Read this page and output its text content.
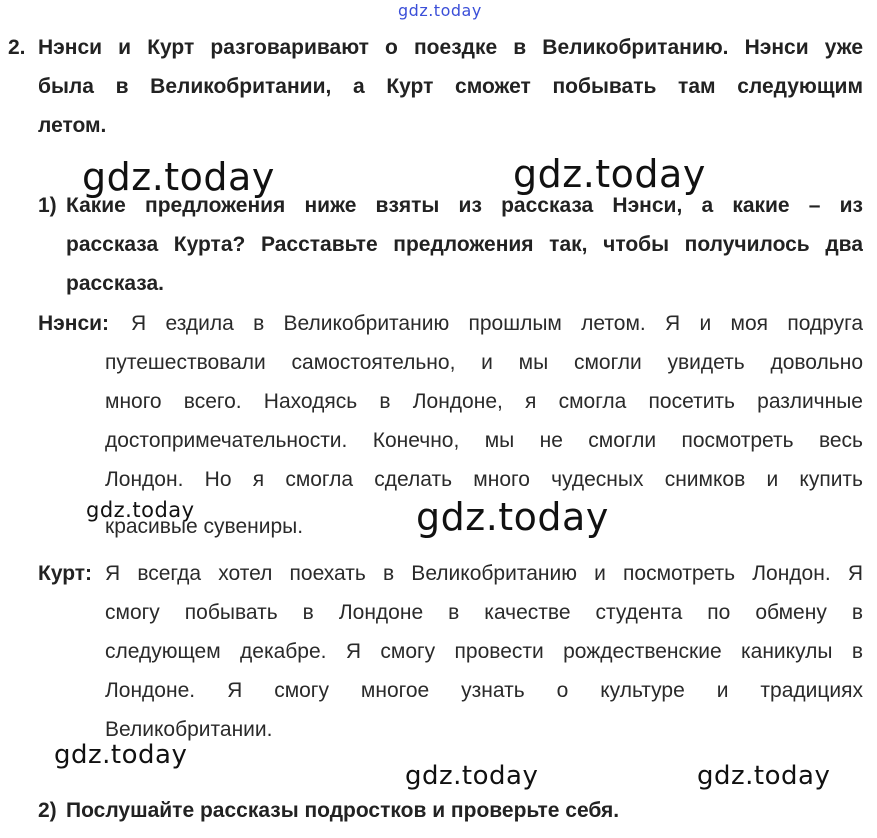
gdz.today
gdz.today	gdz.today
gdz.today	gdz.today
gdz.today
gdz.today	gdz.today
2. Нэнси и Курт разговаривают о поездке в Великобританию. Нэнси уже
была в Великобритании, а Курт сможет побывать там следующим
летом.
1) Какие предложения ниже взяты из рассказа Нэнси, а какие – из
рассказа Курта? Расставьте предложения так, чтобы получилось два
рассказа.
Нэнси:	Я ездила в Великобританию прошлым летом. Я и моя подруга
путешествовали самостоятельно, и мы смогли увидеть довольно
много всего. Находясь в Лондоне, я смогла посетить различные
достопримечательности. Конечно, мы не смогли посмотреть весь
Лондон. Но я смогла сделать много чудесных снимков и купить
красивые сувениры.
Курт: Я всегда хотел поехать в Великобританию и посмотреть Лондон. Я
смогу побывать в Лондоне в качестве студента по обмену в
следующем декабре. Я смогу провести рождественские каникулы в
Лондоне. Я смогу многое узнать о культуре и традициях
Великобритании.
2) Послушайте рассказы подростков и проверьте себя.
